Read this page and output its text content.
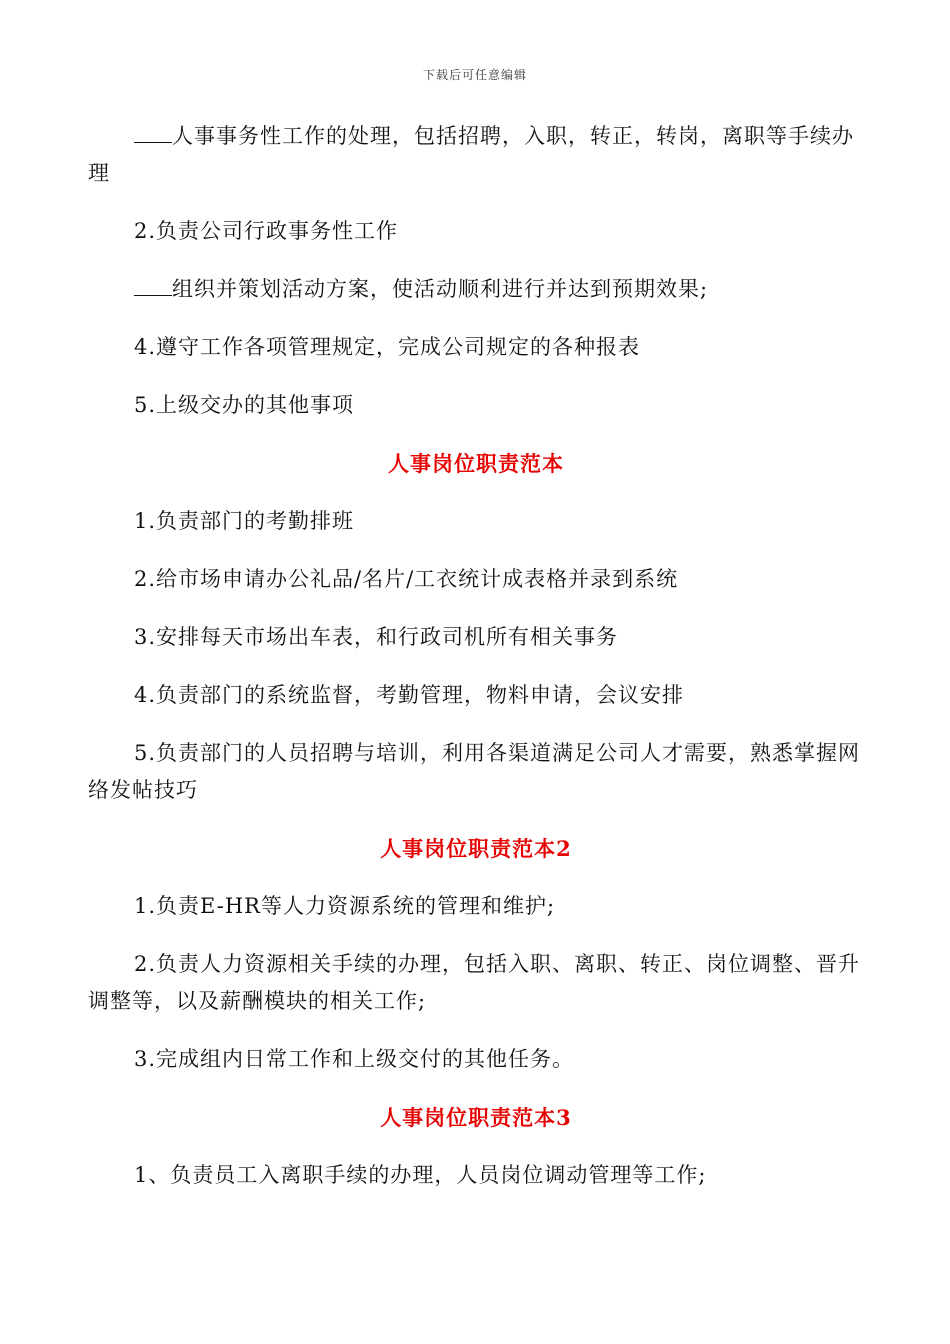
下载后可任意编辑

人事事务性工作的处理，包括招聘，入职，转正，转岗，离职等手续办理

2.负责公司行政事务性工作

组织并策划活动方案，使活动顺利进行并达到预期效果;

4.遵守工作各项管理规定，完成公司规定的各种报表

5.上级交办的其他事项

人事岗位职责范本

1.负责部门的考勤排班

2.给市场申请办公礼品/名片/工衣统计成表格并录到系统

3.安排每天市场出车表，和行政司机所有相关事务

4.负责部门的系统监督，考勤管理，物料申请，会议安排

5.负责部门的人员招聘与培训，利用各渠道满足公司人才需要，熟悉掌握网络发帖技巧

人事岗位职责范本2

1.负责E-HR等人力资源系统的管理和维护;

2.负责人力资源相关手续的办理，包括入职、离职、转正、岗位调整、晋升调整等，以及薪酬模块的相关工作;

3.完成组内日常工作和上级交付的其他任务。

人事岗位职责范本3

1、负责员工入离职手续的办理，人员岗位调动管理等工作;
